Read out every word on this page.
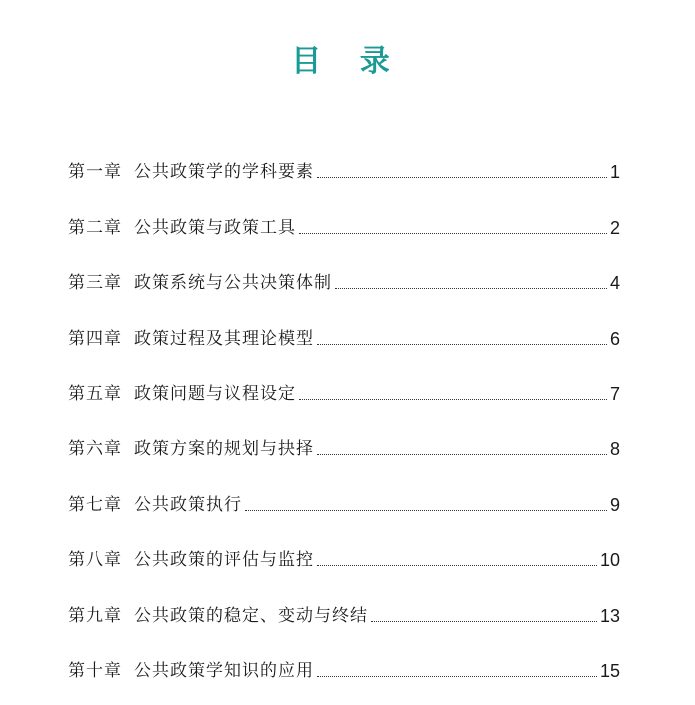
目 录
第一章 公共政策学的学科要素	1
第二章 公共政策与政策工具	2
第三章 政策系统与公共决策体制	4
第四章 政策过程及其理论模型	6
第五章 政策问题与议程设定	7
第六章 政策方案的规划与抉择	8
第七章 公共政策执行	9
第八章 公共政策的评估与监控	10
第九章 公共政策的稳定、变动与终结	13
第十章 公共政策学知识的应用	15
